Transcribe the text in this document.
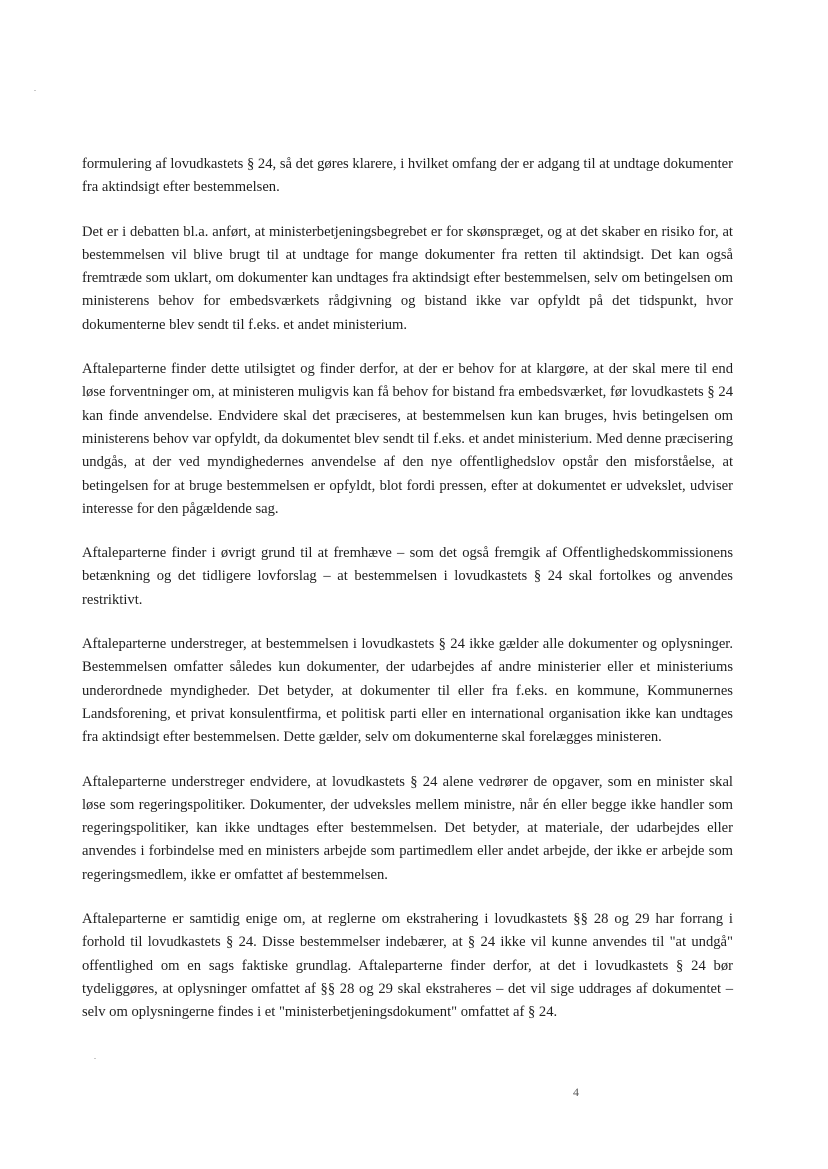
formulering af lovudkastets § 24, så det gøres klarere, i hvilket omfang der er adgang til at undtage dokumenter fra aktindsigt efter bestemmelsen.

Det er i debatten bl.a. anført, at ministerbetjeningsbegrebet er for skønspræget, og at det skaber en risiko for, at bestemmelsen vil blive brugt til at undtage for mange dokumenter fra retten til aktindsigt. Det kan også fremtræde som uklart, om dokumenter kan undtages fra aktindsigt efter bestemmelsen, selv om betingelsen om ministerens behov for embedsværkets rådgivning og bistand ikke var opfyldt på det tidspunkt, hvor dokumenterne blev sendt til f.eks. et andet ministerium.

Aftaleparterne finder dette utilsigtet og finder derfor, at der er behov for at klargøre, at der skal mere til end løse forventninger om, at ministeren muligvis kan få behov for bistand fra embedsværket, før lovudkastets § 24 kan finde anvendelse. Endvidere skal det præciseres, at bestemmelsen kun kan bruges, hvis betingelsen om ministerens behov var opfyldt, da dokumentet blev sendt til f.eks. et andet ministerium. Med denne præcisering undgås, at der ved myndighedernes anvendelse af den nye offentlighedslov opstår den misforståelse, at betingelsen for at bruge bestemmelsen er opfyldt, blot fordi pressen, efter at dokumentet er udvekslet, udviser interesse for den pågældende sag.

Aftaleparterne finder i øvrigt grund til at fremhæve – som det også fremgik af Offentlighedskommissionens betænkning og det tidligere lovforslag – at bestemmelsen i lovudkastets § 24 skal fortolkes og anvendes restriktivt.

Aftaleparterne understreger, at bestemmelsen i lovudkastets § 24 ikke gælder alle dokumenter og oplysninger. Bestemmelsen omfatter således kun dokumenter, der udarbejdes af andre ministerier eller et ministeriums underordnede myndigheder. Det betyder, at dokumenter til eller fra f.eks. en kommune, Kommunernes Landsforening, et privat konsulentfirma, et politisk parti eller en international organisation ikke kan undtages fra aktindsigt efter bestemmelsen. Dette gælder, selv om dokumenterne skal forelægges ministeren.

Aftaleparterne understreger endvidere, at lovudkastets § 24 alene vedrører de opgaver, som en minister skal løse som regeringspolitiker. Dokumenter, der udveksles mellem ministre, når én eller begge ikke handler som regeringspolitiker, kan ikke undtages efter bestemmelsen. Det betyder, at materiale, der udarbejdes eller anvendes i forbindelse med en ministers arbejde som partimedlem eller andet arbejde, der ikke er arbejde som regeringsmedlem, ikke er omfattet af bestemmelsen.

Aftaleparterne er samtidig enige om, at reglerne om ekstrahering i lovudkastets §§ 28 og 29 har forrang i forhold til lovudkastets § 24. Disse bestemmelser indebærer, at § 24 ikke vil kunne anvendes til "at undgå" offentlighed om en sags faktiske grundlag. Aftaleparterne finder derfor, at det i lovudkastets § 24 bør tydeliggøres, at oplysninger omfattet af §§ 28 og 29 skal ekstraheres – det vil sige uddrages af dokumentet – selv om oplysningerne findes i et "ministerbetjeningsdokument" omfattet af § 24.

4
